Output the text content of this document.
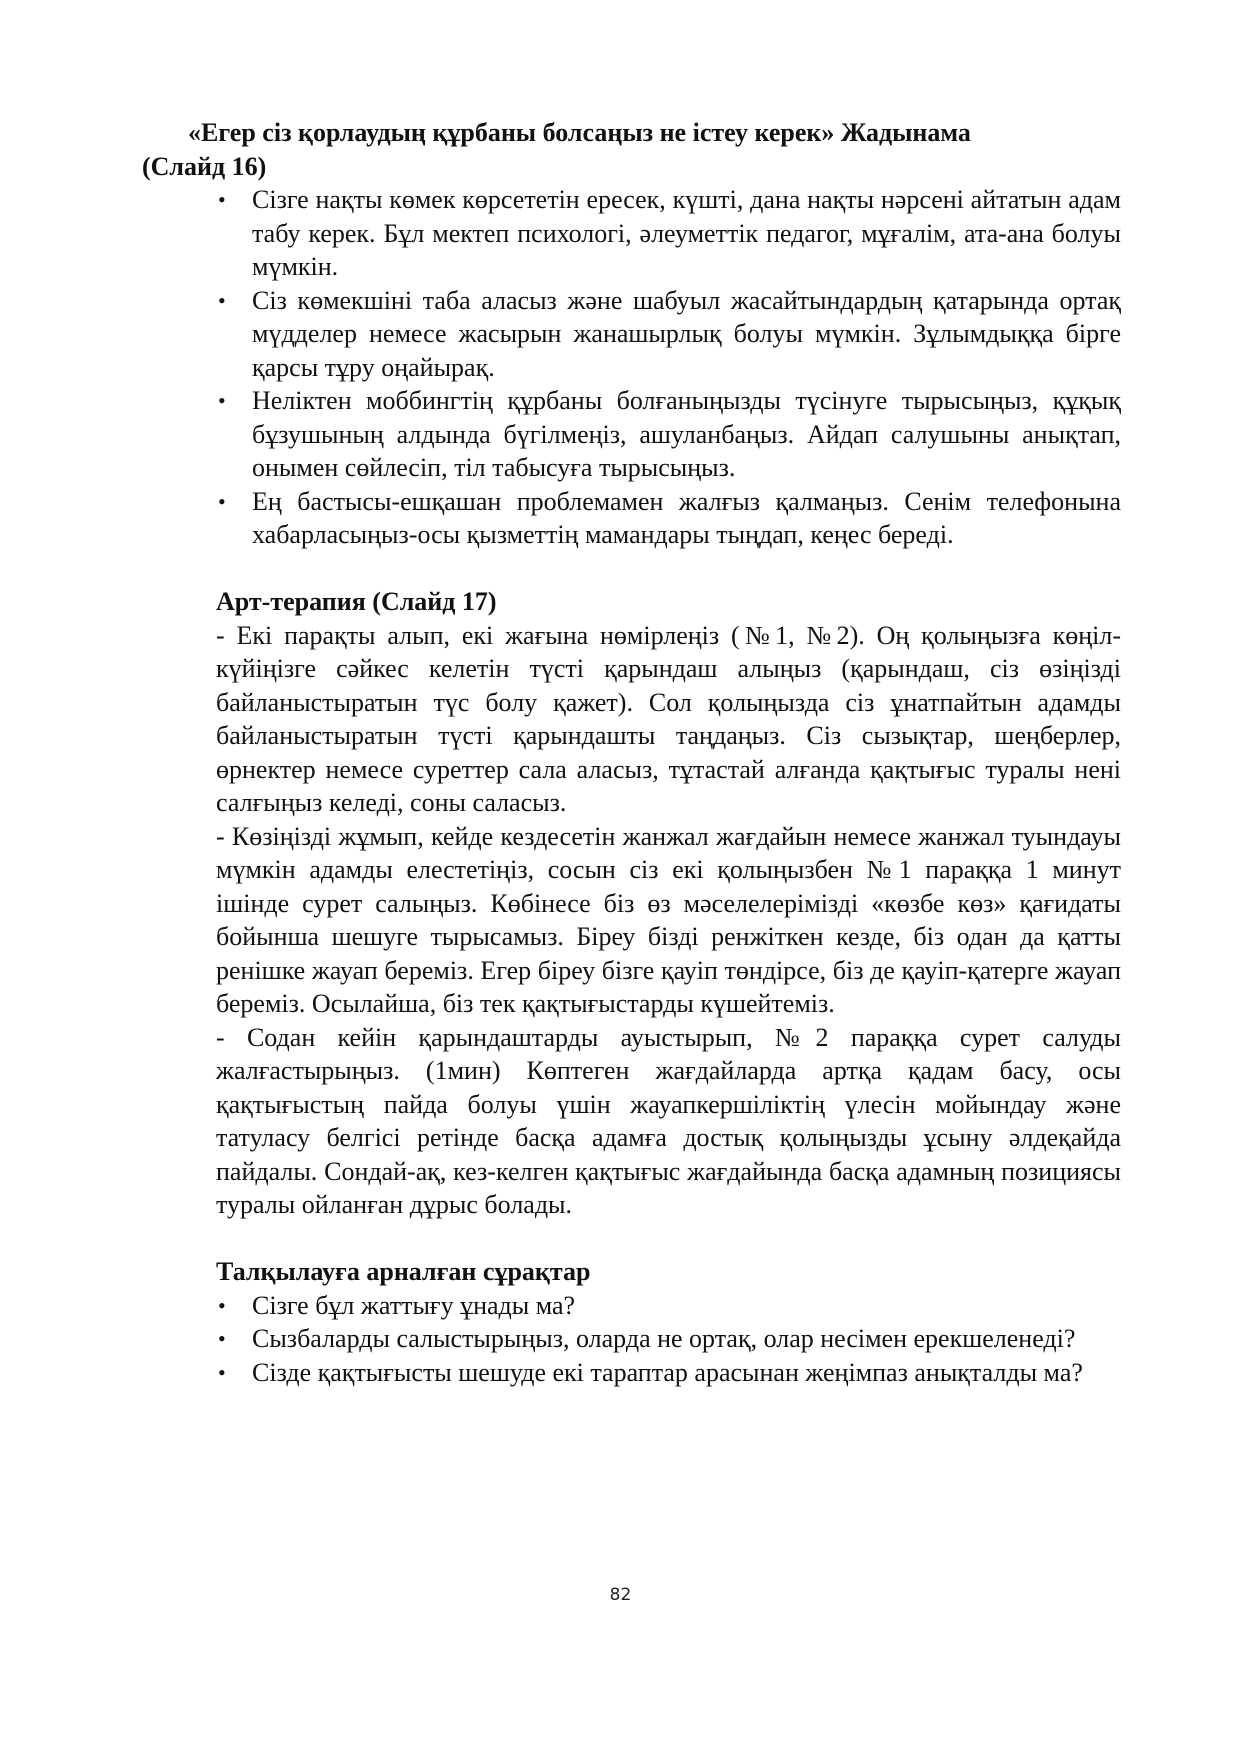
«Егер сіз қорлаудың құрбаны болсаңыз не істеу керек» Жадынама
(Слайд 16)

•	Сізге нақты көмек көрсететін ересек, күшті, дана нақты нәрсені айтатын адам табу керек. Бұл мектеп психологі, әлеуметтік педагог, мұғалім, ата-ана болуы мүмкін.
•	Сіз көмекшіні таба аласыз және шабуыл жасайтындардың қатарында ортақ мүдделер немесе жасырын жанашырлық болуы мүмкін. Зұлымдыққа бірге қарсы тұру оңайырақ.
•	Неліктен моббингтің құрбаны болғаныңызды түсінуге тырысыңыз, құқық бұзушының алдында бүгілмеңіз, ашуланбаңыз. Айдап салушыны анықтап, онымен сөйлесіп, тіл табысуға тырысыңыз.
•	Ең бастысы-ешқашан проблемамен жалғыз қалмаңыз. Сенім телефонына хабарласыңыз-осы қызметтің мамандары тыңдап, кеңес береді.

Арт-терапия (Слайд 17)

- Екі парақты алып, екі жағына нөмірлеңіз (№1, №2). Оң қолыңызға көңіл-күйіңізге сәйкес келетін түсті қарындаш алыңыз (қарындаш, сіз өзіңізді байланыстыратын түс болу қажет). Сол қолыңызда сіз ұнатпайтын адамды байланыстыратын түсті қарындашты таңдаңыз. Сіз сызықтар, шеңберлер, өрнектер немесе суреттер сала аласыз, тұтастай алғанда қақтығыс туралы нені салғыңыз келеді, соны саласыз.

- Көзіңізді жұмып, кейде кездесетін жанжал жағдайын немесе жанжал туындауы мүмкін адамды елестетіңіз, сосын сіз екі қолыңызбен №1 параққа 1 минут ішінде сурет салыңыз. Көбінесе біз өз мәселелерімізді «көзбе көз» қағидаты бойынша шешуге тырысамыз. Біреу бізді ренжіткен кезде, біз одан да қатты ренішке жауап береміз. Егер біреу бізге қауіп төндірсе, біз де қауіп-қатерге жауап береміз. Осылайша, біз тек қақтығыстарды күшейтеміз.

- Содан кейін қарындаштарды ауыстырып, №2 параққа сурет салуды жалғастырыңыз. (1мин) Көптеген жағдайларда артқа қадам басу, осы қақтығыстың пайда болуы үшін жауапкершіліктің үлесін мойындау және татуласу белгісі ретінде басқа адамға достық қолыңызды ұсыну әлдеқайда пайдалы. Сондай-ақ, кез-келген қақтығыс жағдайында басқа адамның позициясы туралы ойланған дұрыс болады.

Талқылауға арналған сұрақтар

•	Сізге бұл жаттығу ұнады ма?
•	Сызбаларды салыстырыңыз, оларда не ортақ, олар несімен ерекшеленеді?
•	Сізде қақтығысты шешуде екі тараптар арасынан жеңімпаз анықталды ма?
82
